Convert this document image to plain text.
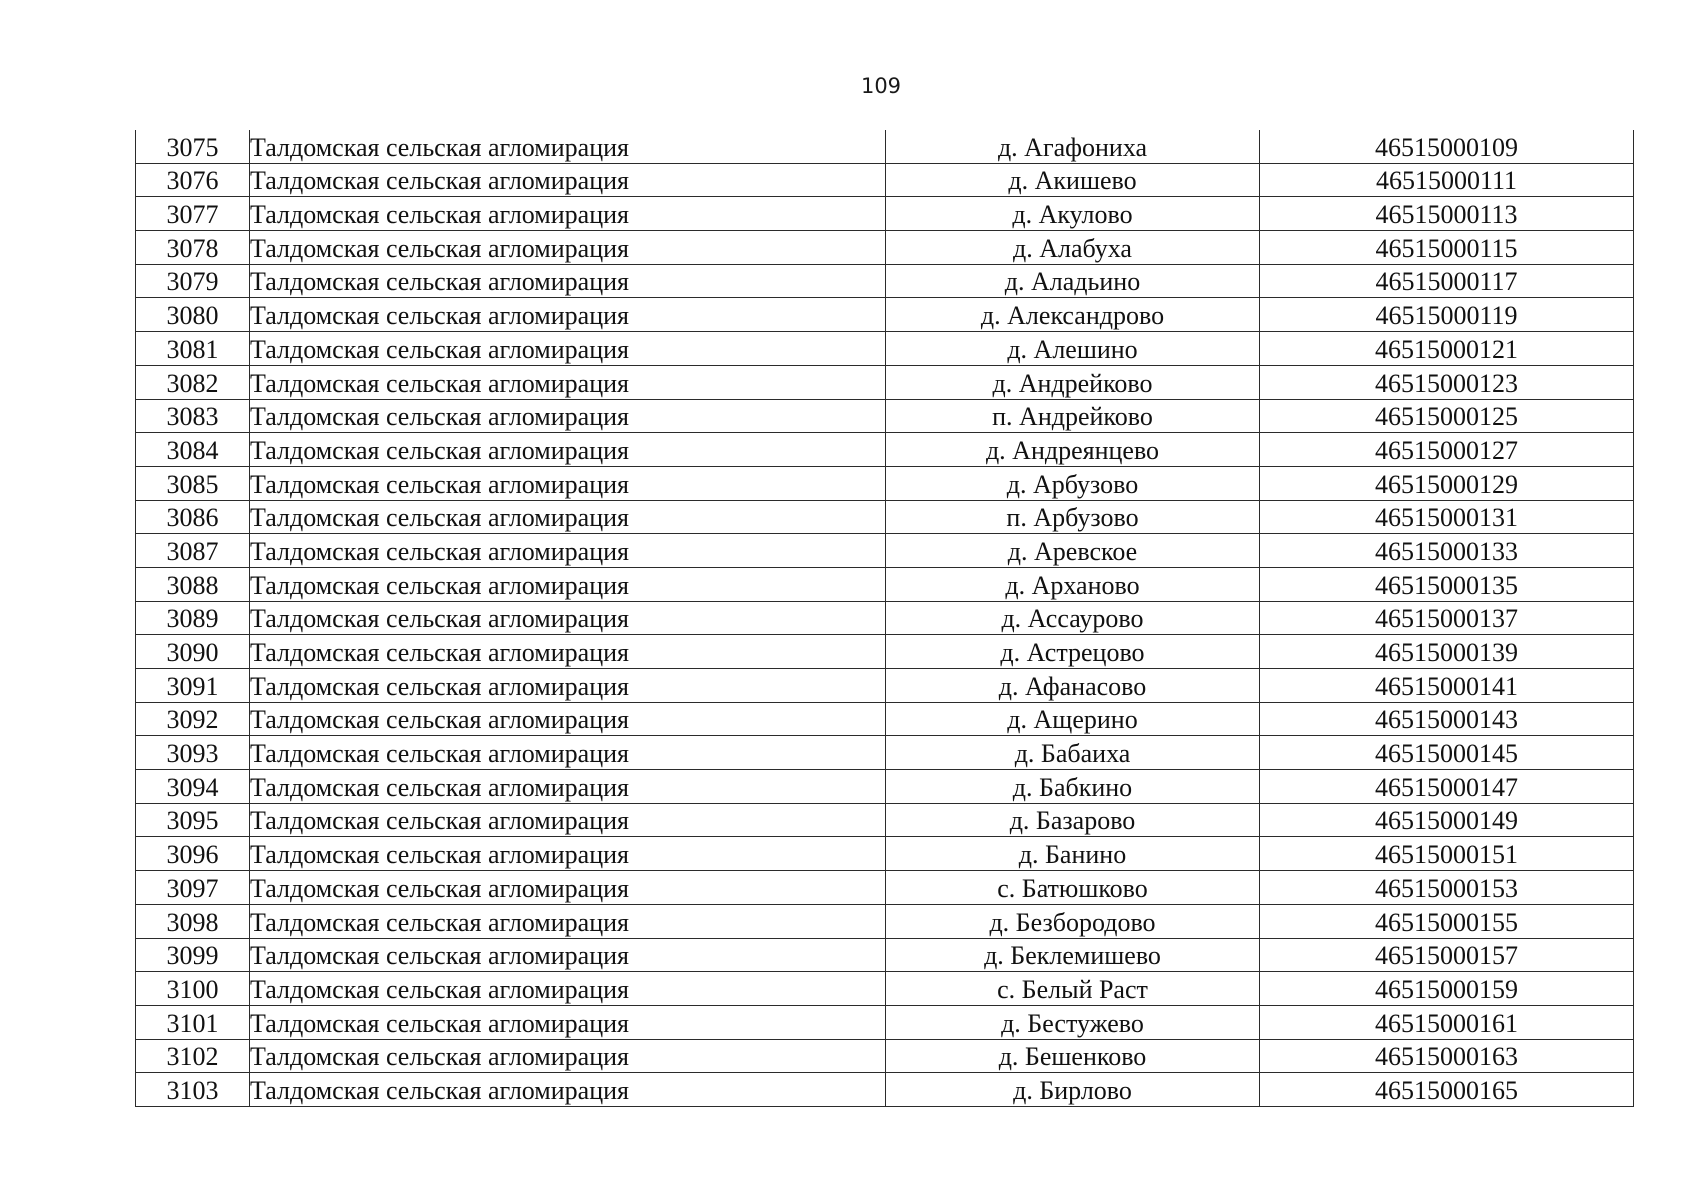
109
3075	Талдомская сельская агломирация	д. Агафониха	46515000109
3076	Талдомская сельская агломирация	д. Акишево	46515000111
3077	Талдомская сельская агломирация	д. Акулово	46515000113
3078	Талдомская сельская агломирация	д. Алабуха	46515000115
3079	Талдомская сельская агломирация	д. Аладьино	46515000117
3080	Талдомская сельская агломирация	д. Александрово	46515000119
3081	Талдомская сельская агломирация	д. Алешино	46515000121
3082	Талдомская сельская агломирация	д. Андрейково	46515000123
3083	Талдомская сельская агломирация	п. Андрейково	46515000125
3084	Талдомская сельская агломирация	д. Андреянцево	46515000127
3085	Талдомская сельская агломирация	д. Арбузово	46515000129
3086	Талдомская сельская агломирация	п. Арбузово	46515000131
3087	Талдомская сельская агломирация	д. Аревское	46515000133
3088	Талдомская сельская агломирация	д. Арханово	46515000135
3089	Талдомская сельская агломирация	д. Ассаурово	46515000137
3090	Талдомская сельская агломирация	д. Астрецово	46515000139
3091	Талдомская сельская агломирация	д. Афанасово	46515000141
3092	Талдомская сельская агломирация	д. Ащерино	46515000143
3093	Талдомская сельская агломирация	д. Бабаиха	46515000145
3094	Талдомская сельская агломирация	д. Бабкино	46515000147
3095	Талдомская сельская агломирация	д. Базарово	46515000149
3096	Талдомская сельская агломирация	д. Банино	46515000151
3097	Талдомская сельская агломирация	с. Батюшково	46515000153
3098	Талдомская сельская агломирация	д. Безбородово	46515000155
3099	Талдомская сельская агломирация	д. Беклемишево	46515000157
3100	Талдомская сельская агломирация	с. Белый Раст	46515000159
3101	Талдомская сельская агломирация	д. Бестужево	46515000161
3102	Талдомская сельская агломирация	д. Бешенково	46515000163
3103	Талдомская сельская агломирация	д. Бирлово	46515000165
